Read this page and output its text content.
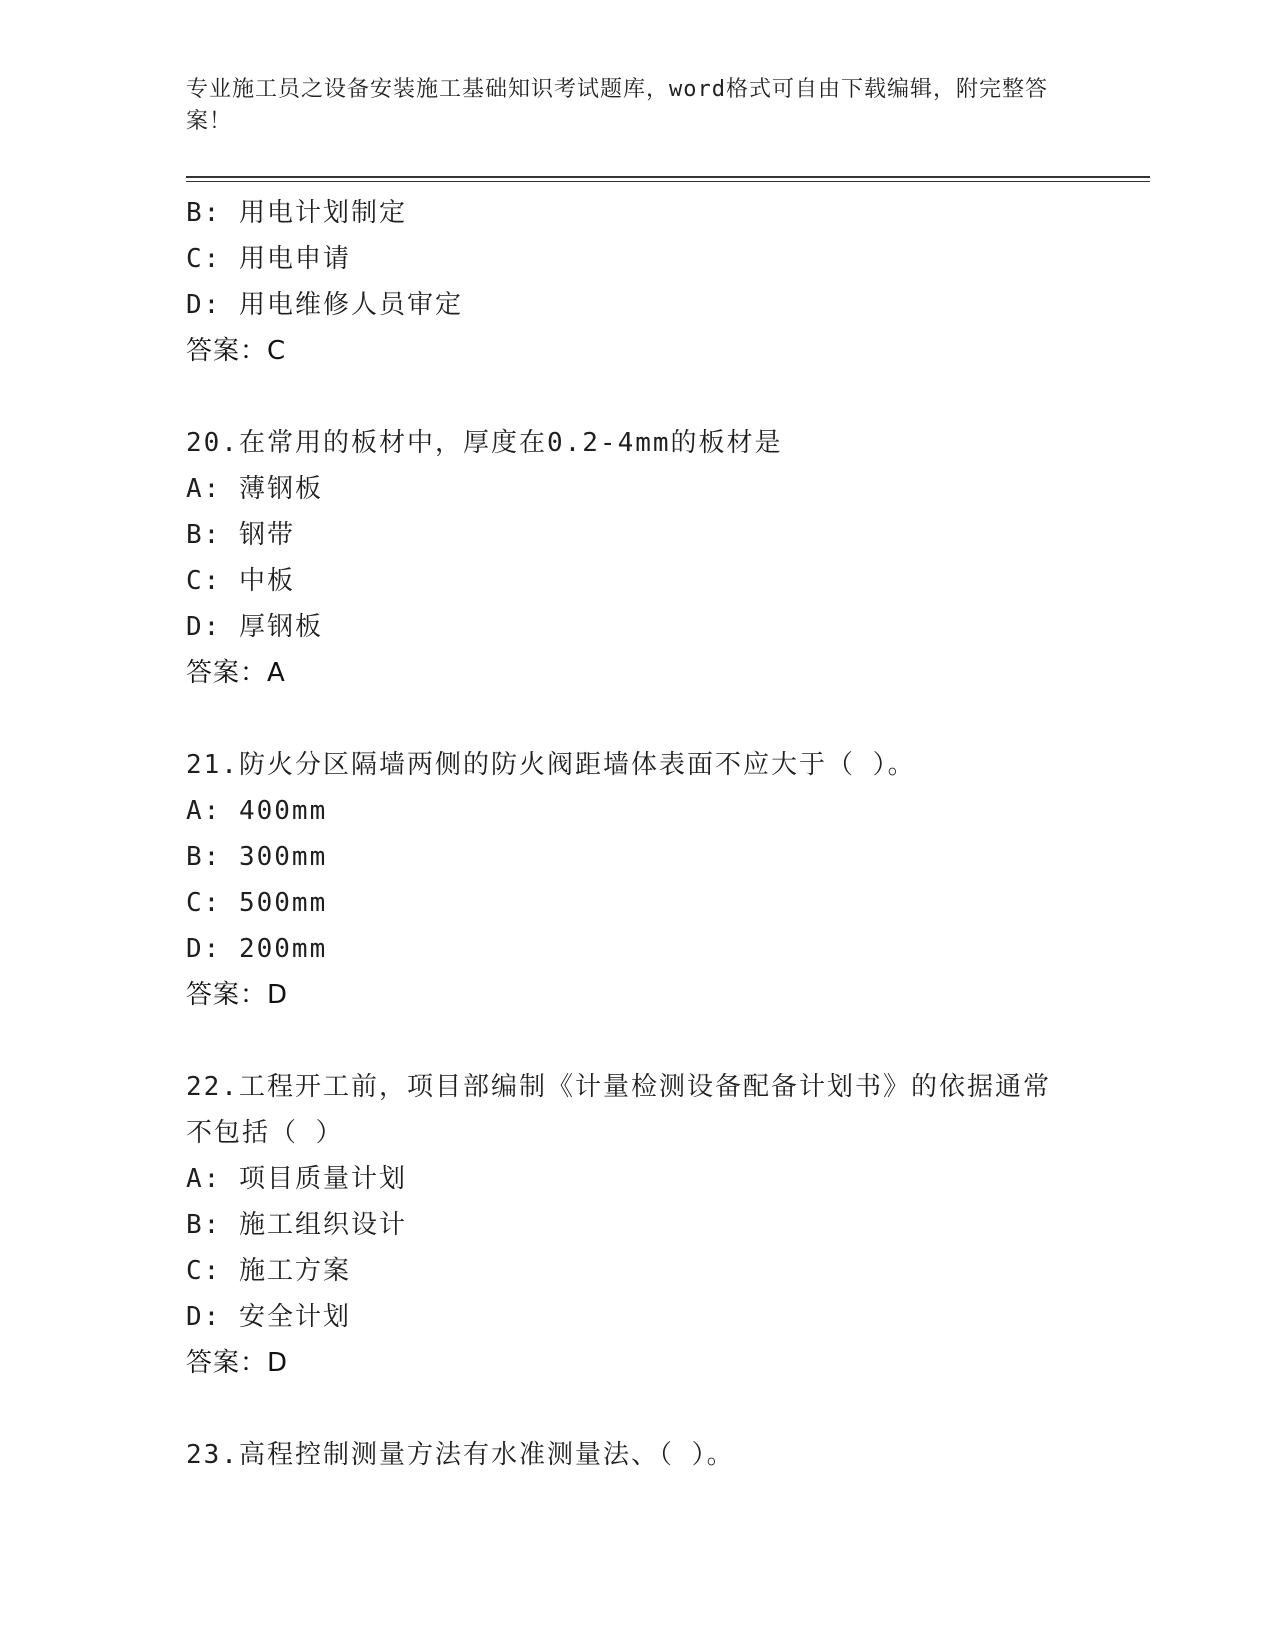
专业施工员之设备安装施工基础知识考试题库，word格式可自由下载编辑，附完整答案！
B: 用电计划制定
C: 用电申请
D: 用电维修人员审定
答案：C
20.在常用的板材中，厚度在0.2-4mm的板材是
A: 薄钢板
B: 钢带
C: 中板
D: 厚钢板
答案：A
21.防火分区隔墙两侧的防火阀距墙体表面不应大于（ ）。
A: 400mm
B: 300mm
C: 500mm
D: 200mm
答案：D
22.工程开工前，项目部编制《计量检测设备配备计划书》的依据通常不包括（ ）
A: 项目质量计划
B: 施工组织设计
C: 施工方案
D: 安全计划
答案：D
23.高程控制测量方法有水准测量法、（ ）。
